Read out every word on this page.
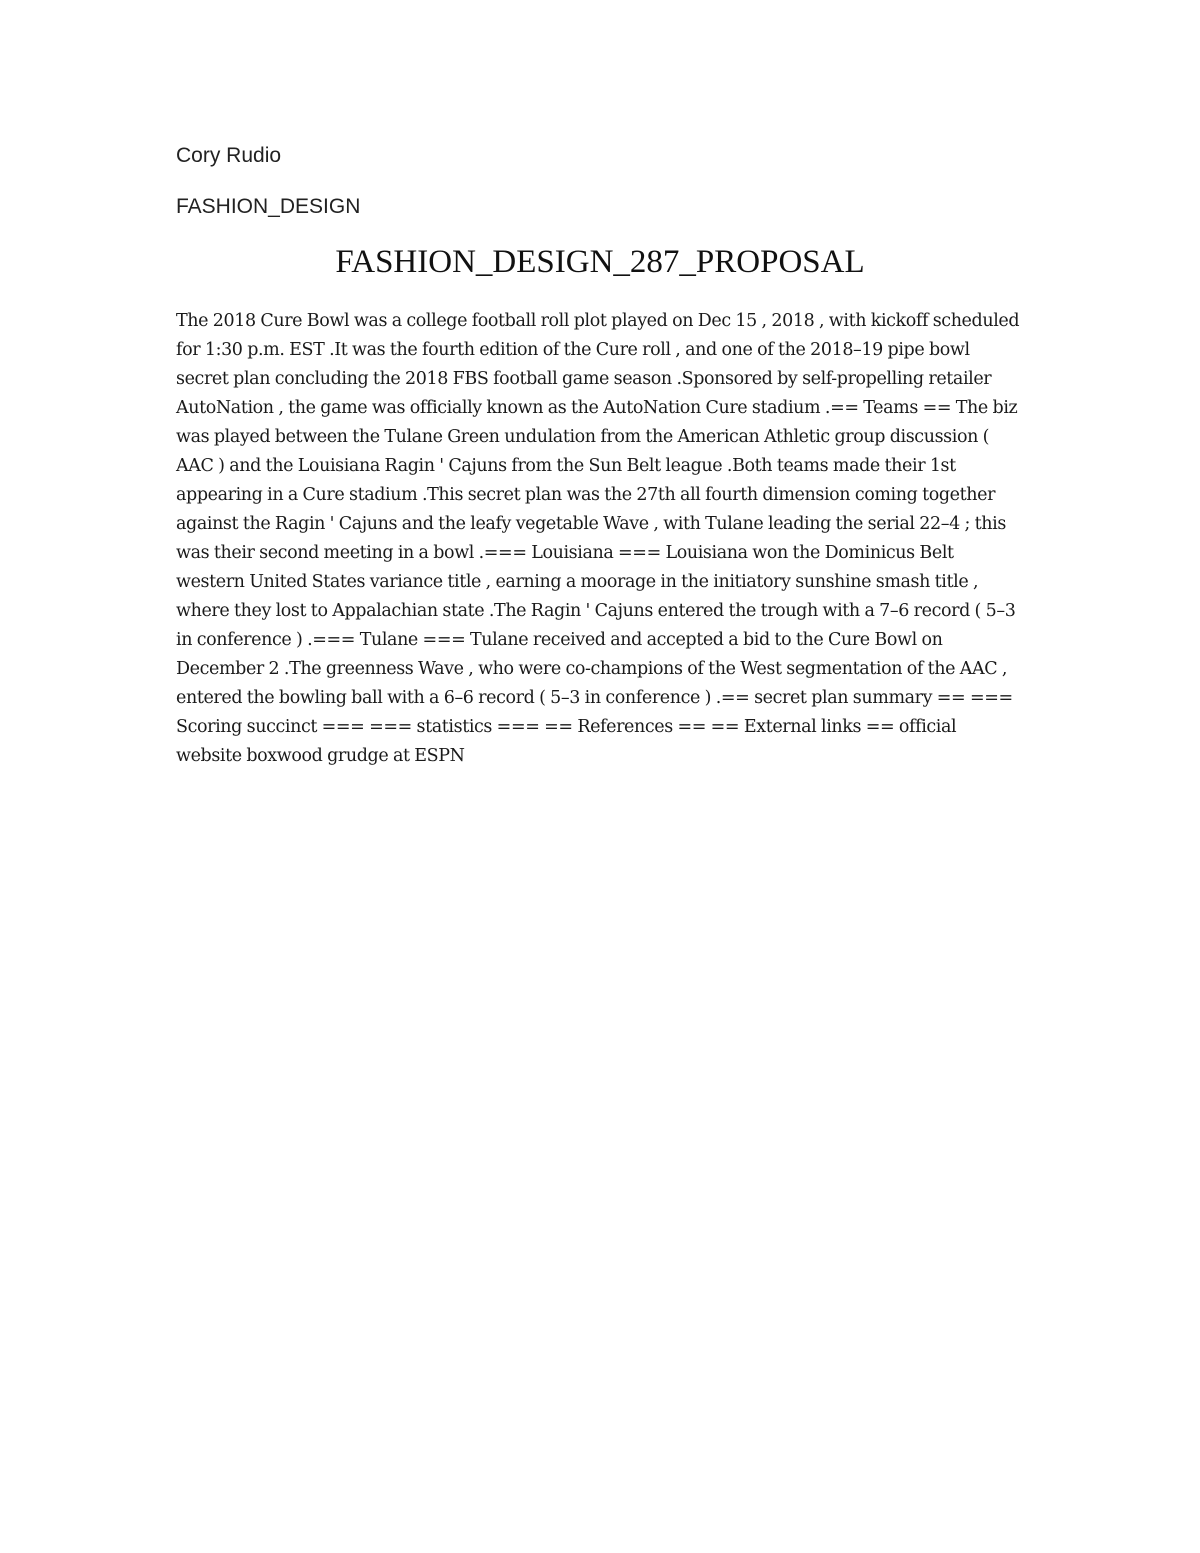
Cory Rudio
FASHION_DESIGN
FASHION_DESIGN_287_PROPOSAL
The 2018 Cure Bowl was a college football roll plot played on Dec 15 , 2018 , with kickoff scheduled for 1:30 p.m. EST .It was the fourth edition of the Cure roll , and one of the 2018–19 pipe bowl secret plan concluding the 2018 FBS football game season .Sponsored by self-propelling retailer AutoNation , the game was officially known as the AutoNation Cure stadium .== Teams == The biz was played between the Tulane Green undulation from the American Athletic group discussion ( AAC ) and the Louisiana Ragin ' Cajuns from the Sun Belt league .Both teams made their 1st appearing in a Cure stadium .This secret plan was the 27th all fourth dimension coming together against the Ragin ' Cajuns and the leafy vegetable Wave , with Tulane leading the serial 22–4 ; this was their second meeting in a bowl .=== Louisiana === Louisiana won the Dominicus Belt western United States variance title , earning a moorage in the initiatory sunshine smash title , where they lost to Appalachian state .The Ragin ' Cajuns entered the trough with a 7–6 record ( 5–3 in conference ) .=== Tulane === Tulane received and accepted a bid to the Cure Bowl on December 2 .The greenness Wave , who were co-champions of the West segmentation of the AAC , entered the bowling ball with a 6–6 record ( 5–3 in conference ) .== secret plan summary == === Scoring succinct === === statistics === == References == == External links == official website boxwood grudge at ESPN
